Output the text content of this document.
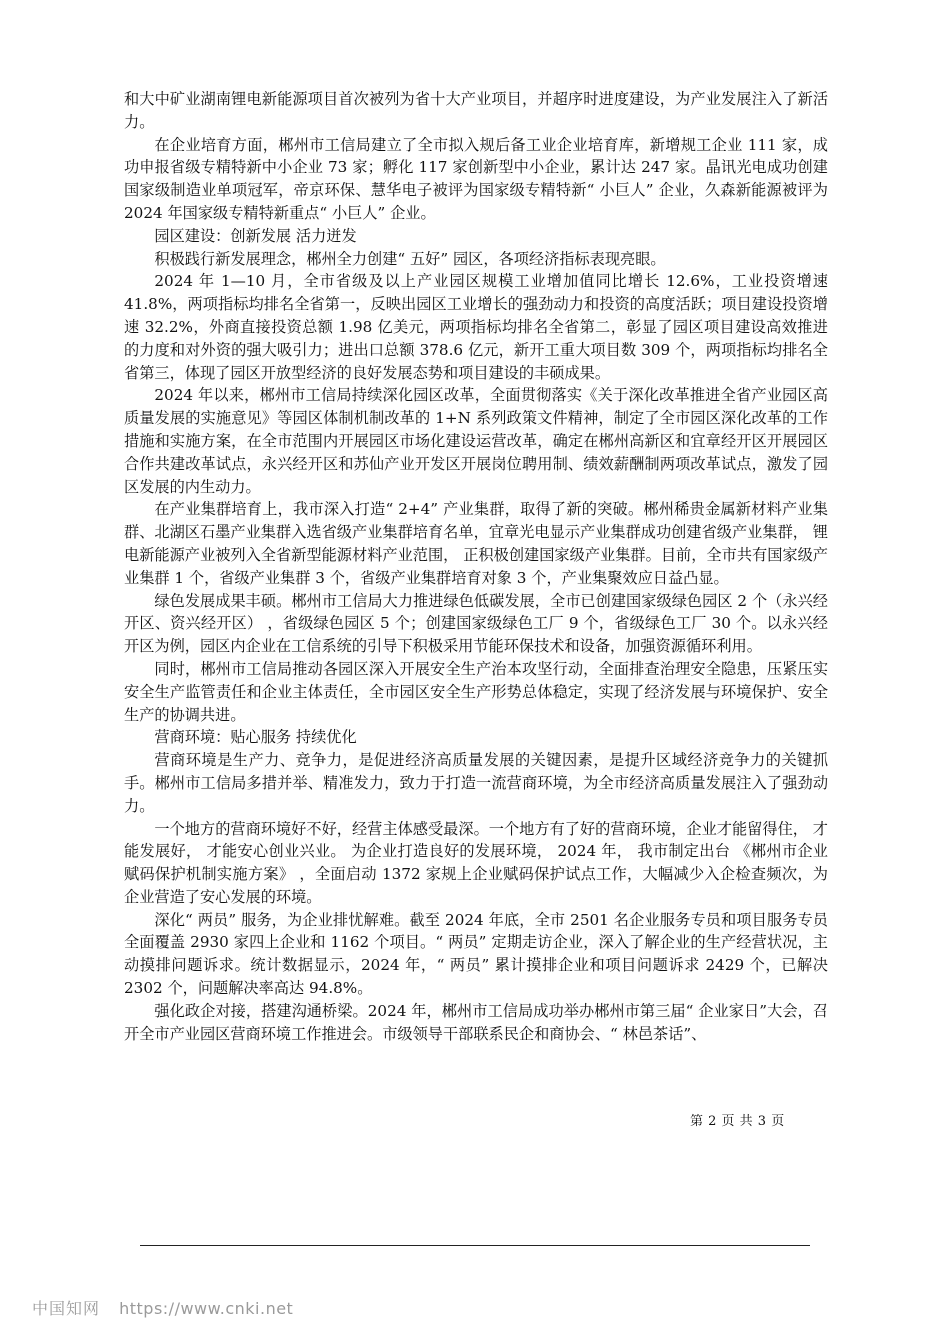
和大中矿业湖南锂电新能源项目首次被列为省十大产业项目，并超序时进度建设，为产业发展注入了新活力。

在企业培育方面，郴州市工信局建立了全市拟入规后备工业企业培育库，新增规工企业 111 家，成功申报省级专精特新中小企业 73 家；孵化 117 家创新型中小企业，累计达 247 家。晶讯光电成功创建国家级制造业单项冠军，帝京环保、慧华电子被评为国家级专精特新“ 小巨人” 企业，久森新能源被评为 2024 年国家级专精特新重点“ 小巨人” 企业。

园区建设：创新发展 活力迸发

积极践行新发展理念，郴州全力创建“ 五好” 园区，各项经济指标表现亮眼。

2024 年 1—10 月，全市省级及以上产业园区规模工业增加值同比增长 12.6%，工业投资增速 41.8%，两项指标均排名全省第一，反映出园区工业增长的强劲动力和投资的高度活跃；项目建设投资增速 32.2%，外商直接投资总额 1.98 亿美元，两项指标均排名全省第二，彰显了园区项目建设高效推进的力度和对外资的强大吸引力；进出口总额 378.6 亿元，新开工重大项目数 309 个，两项指标均排名全省第三，体现了园区开放型经济的良好发展态势和项目建设的丰硕成果。

2024 年以来，郴州市工信局持续深化园区改革，全面贯彻落实《关于深化改革推进全省产业园区高质量发展的实施意见》等园区体制机制改革的 1+N 系列政策文件精神，制定了全市园区深化改革的工作措施和实施方案，在全市范围内开展园区市场化建设运营改革，确定在郴州高新区和宜章经开区开展园区合作共建改革试点，永兴经开区和苏仙产业开发区开展岗位聘用制、绩效薪酬制两项改革试点，激发了园区发展的内生动力。

在产业集群培育上，我市深入打造“ 2+4” 产业集群，取得了新的突破。郴州稀贵金属新材料产业集群、北湖区石墨产业集群入选省级产业集群培育名单，宜章光电显示产业集群成功创建省级产业集群， 锂电新能源产业被列入全省新型能源材料产业范围， 正积极创建国家级产业集群。目前，全市共有国家级产业集群 1 个，省级产业集群 3 个，省级产业集群培育对象 3 个，产业集聚效应日益凸显。

绿色发展成果丰硕。郴州市工信局大力推进绿色低碳发展，全市已创建国家级绿色园区 2 个（永兴经开区、资兴经开区） ，省级绿色园区 5 个；创建国家级绿色工厂 9 个，省级绿色工厂 30 个。以永兴经开区为例，园区内企业在工信系统的引导下积极采用节能环保技术和设备，加强资源循环利用。

同时，郴州市工信局推动各园区深入开展安全生产治本攻坚行动，全面排查治理安全隐患，压紧压实安全生产监管责任和企业主体责任，全市园区安全生产形势总体稳定，实现了经济发展与环境保护、安全生产的协调共进。

营商环境：贴心服务 持续优化

营商环境是生产力、竞争力，是促进经济高质量发展的关键因素，是提升区域经济竞争力的关键抓手。郴州市工信局多措并举、精准发力，致力于打造一流营商环境，为全市经济高质量发展注入了强劲动力。

一个地方的营商环境好不好，经营主体感受最深。一个地方有了好的营商环境，企业才能留得住， 才能发展好， 才能安心创业兴业。 为企业打造良好的发展环境， 2024 年， 我市制定出台 《郴州市企业赋码保护机制实施方案》 ，全面启动 1372 家规上企业赋码保护试点工作，大幅减少入企检查频次，为企业营造了安心发展的环境。

深化“ 两员” 服务，为企业排忧解难。截至 2024 年底，全市 2501 名企业服务专员和项目服务专员全面覆盖 2930 家四上企业和 1162 个项目。“ 两员” 定期走访企业，深入了解企业的生产经营状况，主动摸排问题诉求。统计数据显示，2024 年，“ 两员” 累计摸排企业和项目问题诉求 2429 个，已解决 2302 个，问题解决率高达 94.8%。

强化政企对接，搭建沟通桥梁。2024 年，郴州市工信局成功举办郴州市第三届“ 企业家日”大会，召开全市产业园区营商环境工作推进会。市级领导干部联系民企和商协会、“ 林邑茶话”、

第 2 页 共 3 页
中国知网 https://www.cnki.net
